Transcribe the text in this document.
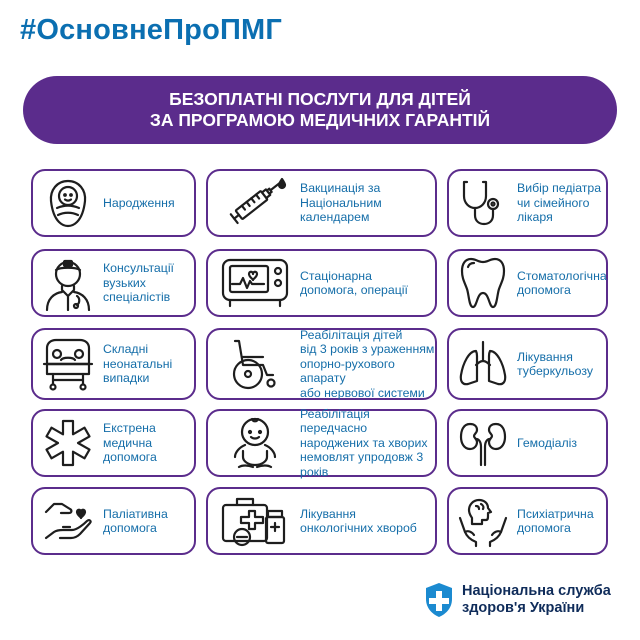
#ОсновнеПроПМГ
БЕЗОПЛАТНІ ПОСЛУГИ ДЛЯ ДІТЕЙ
ЗА ПРОГРАМОЮ МЕДИЧНИХ ГАРАНТІЙ
Народження
Вакцинація за
Національним
календарем
Вибір педіатра
чи сімейного
лікаря
Консультації
вузьких
спеціалістів
Стаціонарна
допомога, операції
Стоматологічна
допомога
Складні
неонатальні
випадки
Реабілітація дітей
від 3 років з ураженням
опорно-рухового апарату
або нервової системи
Лікування
туберкульозу
Екстрена
медична
допомога
Реабілітація передчасно
народжених та хворих
немовлят упродовж 3 років
Гемодіаліз
Паліативна
допомога
Лікування
онкологічних хвороб
Психіатрична
допомога
Національна служба
здоров'я України
